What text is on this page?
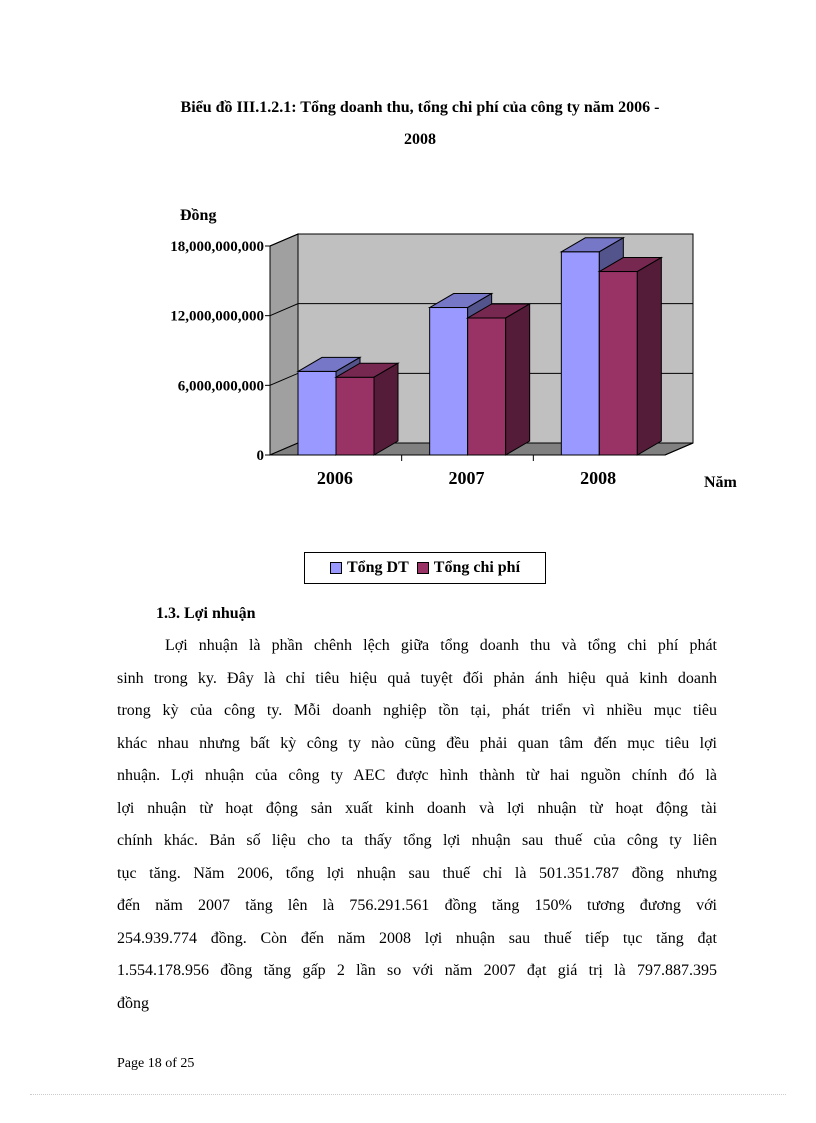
Biểu đồ III.1.2.1: Tổng doanh thu, tổng chi phí của công ty năm 2006 -
2008
0
6,000,000,000
12,000,000,000
18,000,000,000
2006	2007	2008
Đồng
Năm
Tổng DT Tổng chi phí
1.3. Lợi nhuận
Lợi nhuận là phần chênh lệch giữa tổng doanh thu và tổng chi phí phát
sinh trong ky. Đây là chỉ tiêu hiệu quả tuyệt đối phản ánh hiệu quả kinh doanh
trong kỳ của công ty. Mỗi doanh nghiệp tồn tại, phát triển vì nhiều mục tiêu
khác nhau nhưng bất kỳ công ty nào cũng đều phải quan tâm đến mục tiêu lợi
nhuận. Lợi nhuận của công ty AEC được hình thành từ hai nguồn chính đó là
lợi nhuận từ hoạt động sản xuất kinh doanh và lợi nhuận từ hoạt động tài
chính khác. Bản số liệu cho ta thấy tổng lợi nhuận sau thuế của công ty liên
tục tăng. Năm 2006, tổng lợi nhuận sau thuế chỉ là 501.351.787 đồng nhưng
đến năm 2007 tăng lên là 756.291.561 đồng tăng 150% tương đương với
254.939.774 đồng. Còn đến năm 2008 lợi nhuận sau thuế tiếp tục tăng đạt
1.554.178.956 đồng tăng gấp 2 lần so với năm 2007 đạt giá trị là 797.887.395
đồng
Page 18 of 25
